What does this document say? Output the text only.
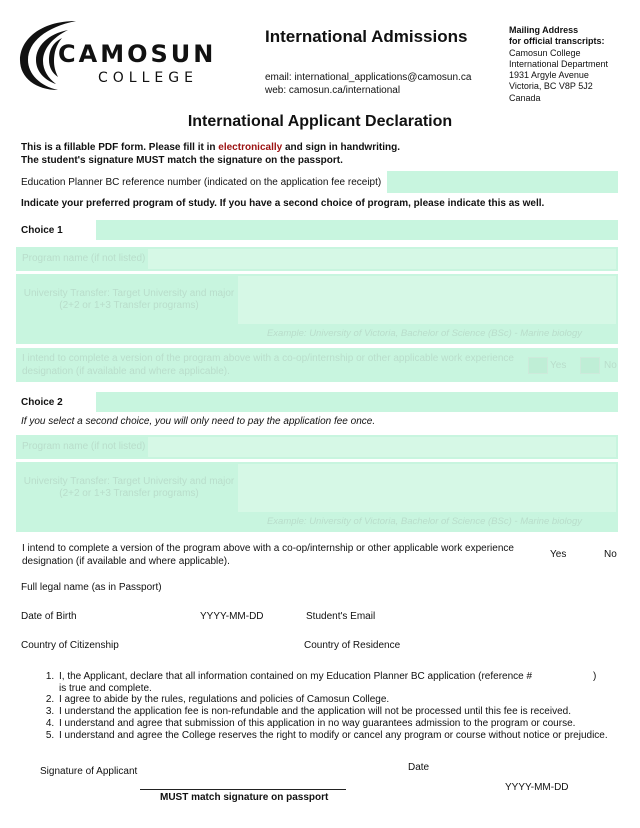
CAMOSUN
COLLEGE
International Admissions
email: international_applications@camosun.ca
web: camosun.ca/international
Mailing Address
for official transcripts:
Camosun College
International Department
1931 Argyle Avenue
Victoria, BC V8P 5J2
Canada
International Applicant Declaration
This is a fillable PDF form. Please fill it in electronically and sign in handwriting.
The student's signature MUST match the signature on the passport.
Education Planner BC reference number (indicated on the application fee receipt)
Indicate your preferred program of study. If you have a second choice of program, please indicate this as well.
Choice 1
Program name (if not listed)
University Transfer: Target University and major
(2+2 or 1+3 Transfer programs)
Example: University of Victoria, Bachelor of Science (BSc) - Marine biology
I intend to complete a version of the program above with a co-op/internship or other applicable work experience
designation (if available and where applicable).	Yes	No
Choice 2
If you select a second choice, you will only need to pay the application fee once.
Program name (if not listed)
University Transfer: Target University and major
(2+2 or 1+3 Transfer programs)
Example: University of Victoria, Bachelor of Science (BSc) - Marine biology
I intend to complete a version of the program above with a co-op/internship or other applicable work experience
designation (if available and where applicable).
Yes	No
Full legal name (as in Passport)
Date of Birth	YYYY-MM-DD	Student's Email
Country of Citizenship	Country of Residence
1. I, the Applicant, declare that all information contained on my Education Planner BC application (reference #	)

is true and complete.
2. I agree to abide by the rules, regulations and policies of Camosun College.
3. I understand the application fee is non-refundable and the application will not be processed until this fee is received.
4. I understand and agree that submission of this application in no way guarantees admission to the program or course.
5. I understand and agree the College reserves the right to modify or cancel any program or course without notice or prejudice.
Signature of Applicant
MUST match signature on passport
Date
YYYY-MM-DD
